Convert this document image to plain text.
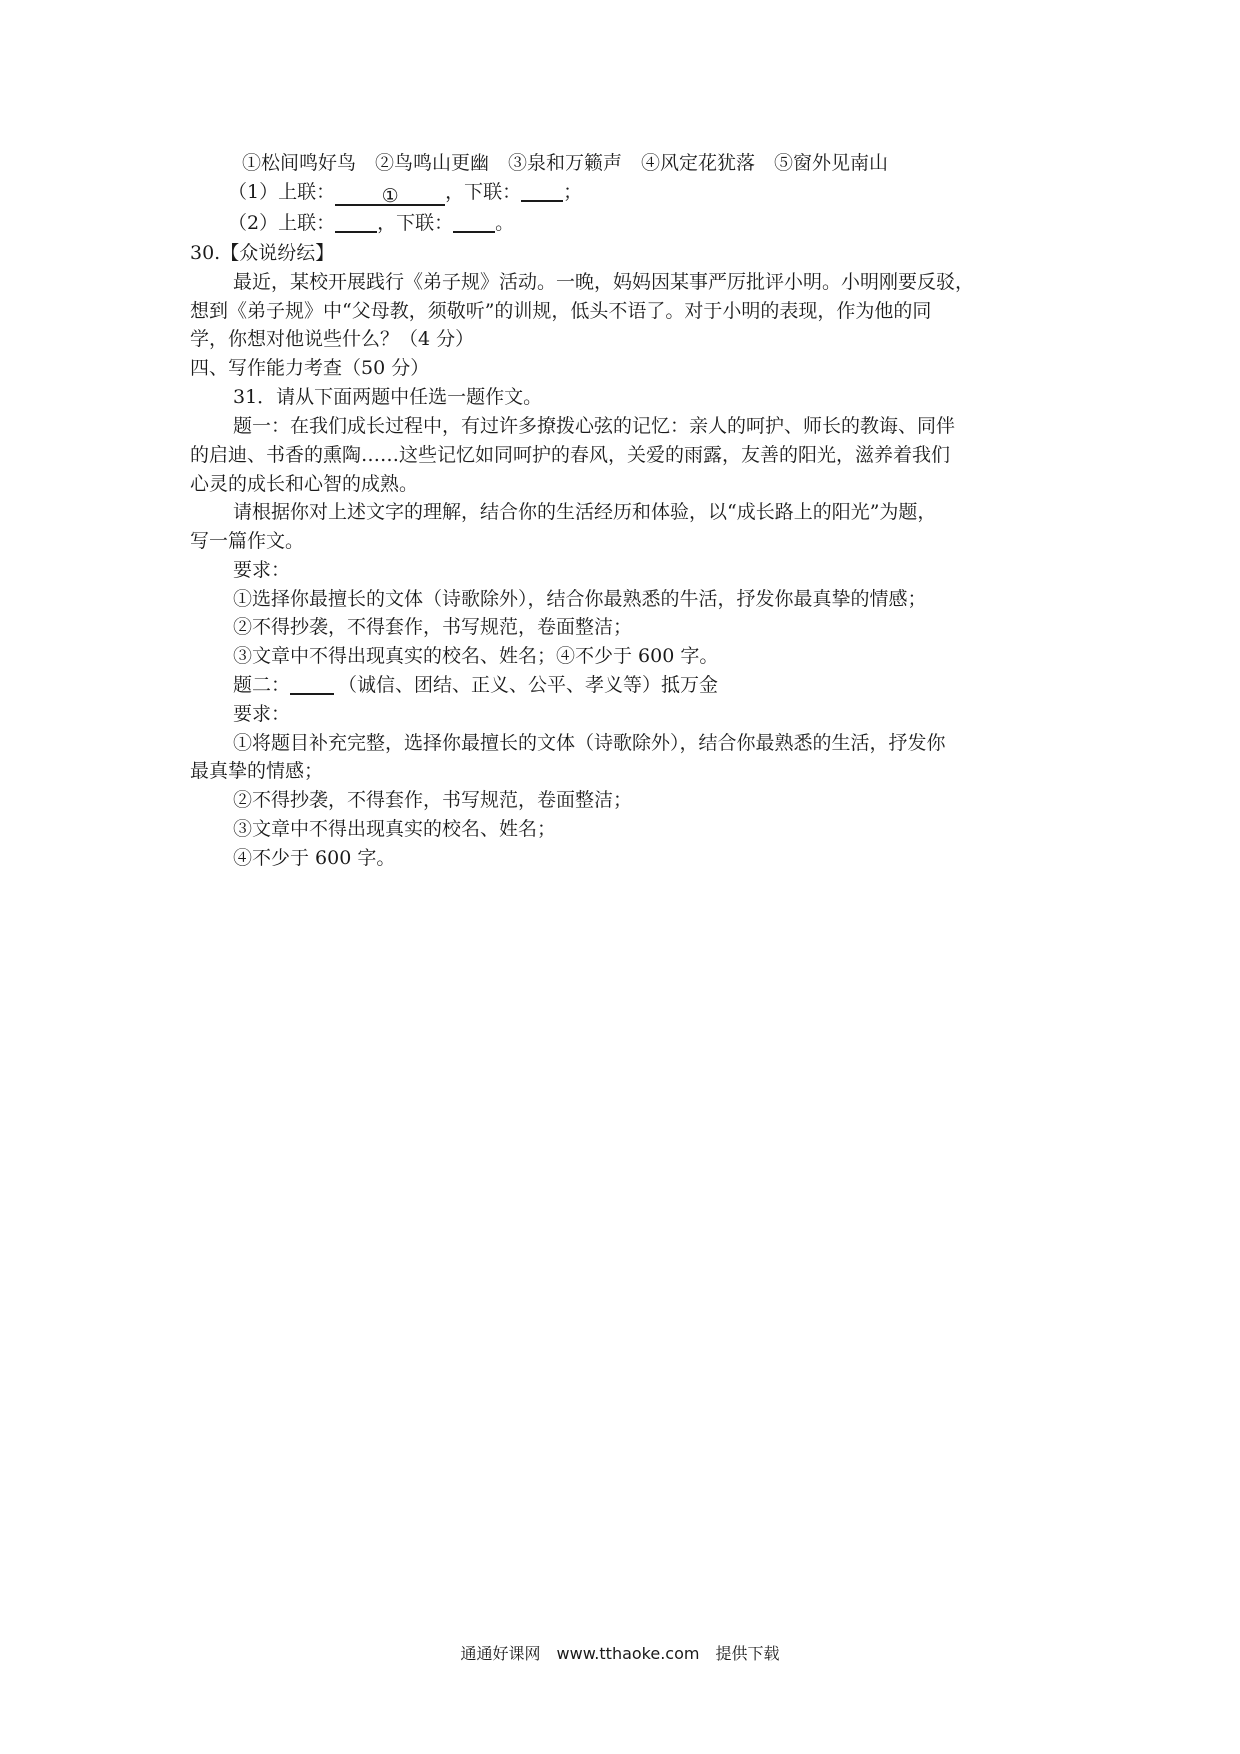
①松间鸣好鸟　②鸟鸣山更幽　③泉和万籁声　④风定花犹落　⑤窗外见南山
（1）上联： ① ，下联： ；
（2）上联： ，下联： 。
30.【众说纷纭】
最近，某校开展践行《弟子规》活动。一晚，妈妈因某事严厉批评小明。小明刚要反驳，
想到《弟子规》中“父母教，须敬听”的训规，低头不语了。对于小明的表现，作为他的同
学，你想对他说些什么？（4 分）
四、写作能力考查（50 分）
31．请从下面两题中任选一题作文。
题一：在我们成长过程中，有过许多撩拨心弦的记忆：亲人的呵护、师长的教诲、同伴
的启迪、书香的熏陶……这些记忆如同呵护的春风，关爱的雨露，友善的阳光，滋养着我们
心灵的成长和心智的成熟。
请根据你对上述文字的理解，结合你的生活经历和体验，以“成长路上的阳光”为题，
写一篇作文。
要求：
①选择你最擅长的文体（诗歌除外），结合你最熟悉的牛活，抒发你最真挚的情感；
②不得抄袭，不得套作，书写规范，卷面整洁；
③文章中不得出现真实的校名、姓名；④不少于 600 字。
题二：	（诚信、团结、正义、公平、孝义等）抵万金
要求：
①将题目补充完整，选择你最擅长的文体（诗歌除外），结合你最熟悉的生活，抒发你
最真挚的情感；
②不得抄袭，不得套作，书写规范，卷面整洁；
③文章中不得出现真实的校名、姓名；
④不少于 600 字。
通通好课网　www.tthaoke.com　提供下载
